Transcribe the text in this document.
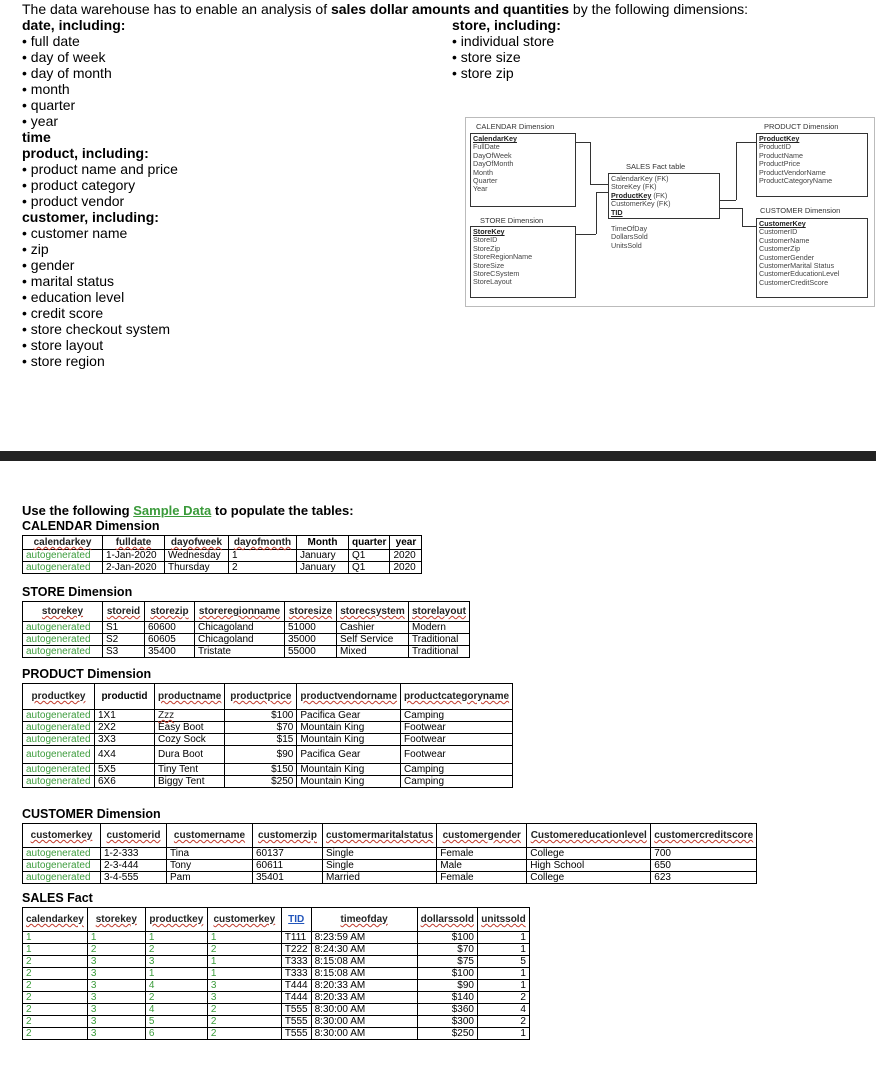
The data warehouse has to enable an analysis of sales dollar amounts and quantities by the following dimensions:
date, including:
• full date
• day of week
• day of month
• month
• quarter
• year
time
product, including:
• product name and price
• product category
• product vendor
customer, including:
• customer name
• zip
• gender
• marital status
• education level
• credit score
• store checkout system
• store layout
• store region
store, including:
• individual store
• store size
• store zip
CALENDAR Dimension
CalendarKey
FullDate
DayOfWeek
DayOfMonth
Month
Quarter
Year
STORE Dimension
StoreKey
StoreID
StoreZip
StoreRegionName
StoreSize
StoreCSystem
StoreLayout
SALES Fact table
CalendarKey (FK)
StoreKey (FK)
ProductKey (FK)
CustomerKey (FK)
TID
TimeOfDay
DollarsSold
UnitsSold
PRODUCT Dimension
ProductKey
ProductID
ProductName
ProductPrice
ProductVendorName
ProductCategoryName
CUSTOMER Dimension
CustomerKey
CustomerID
CustomerName
CustomerZip
CustomerGender
CustomerMarital Status
CustomerEducationLevel
CustomerCreditScore
Use the following Sample Data to populate the tables:
CALENDAR Dimension
calendarkey	fulldate	dayofweek	dayofmonth	Month	quarter	year
autogenerated	1-Jan-2020	Wednesday	1	January	Q1	2020
autogenerated	2-Jan-2020	Thursday	2	January	Q1	2020
STORE Dimension
storekey	storeid	storezip	storeregionname	storesize	storecsystem	storelayout
autogenerated	S1	60600	Chicagoland	51000	Cashier	Modern
autogenerated	S2	60605	Chicagoland	35000	Self Service	Traditional
autogenerated	S3	35400	Tristate	55000	Mixed	Traditional
PRODUCT Dimension
productkey	productid	productname	productprice	productvendorname	productcategoryname
autogenerated	1X1	Zzz	$100	Pacifica Gear	Camping
autogenerated	2X2	Easy Boot	$70	Mountain King	Footwear
autogenerated	3X3	Cozy Sock	$15	Mountain King	Footwear
autogenerated	4X4	Dura Boot	$90	Pacifica Gear	Footwear
autogenerated	5X5	Tiny Tent	$150	Mountain King	Camping
autogenerated	6X6	Biggy Tent	$250	Mountain King	Camping
CUSTOMER Dimension
customerkey	customerid	customername	customerzip	customermaritalstatus	customergender	Customereducationlevel	customercreditscore
autogenerated	1-2-333	Tina	60137	Single	Female	College	700
autogenerated	2-3-444	Tony	60611	Single	Male	High School	650
autogenerated	3-4-555	Pam	35401	Married	Female	College	623
SALES Fact
calendarkey	storekey	productkey	customerkey	TID	timeofday	dollarssold	unitssold
1	1	1	1	T111	8:23:59 AM	$100	1
1	2	2	2	T222	8:24:30 AM	$70	1
2	3	3	1	T333	8:15:08 AM	$75	5
2	3	1	1	T333	8:15:08 AM	$100	1
2	3	4	3	T444	8:20:33 AM	$90	1
2	3	2	3	T444	8:20:33 AM	$140	2
2	3	4	2	T555	8:30:00 AM	$360	4
2	3	5	2	T555	8:30:00 AM	$300	2
2	3	6	2	T555	8:30:00 AM	$250	1
